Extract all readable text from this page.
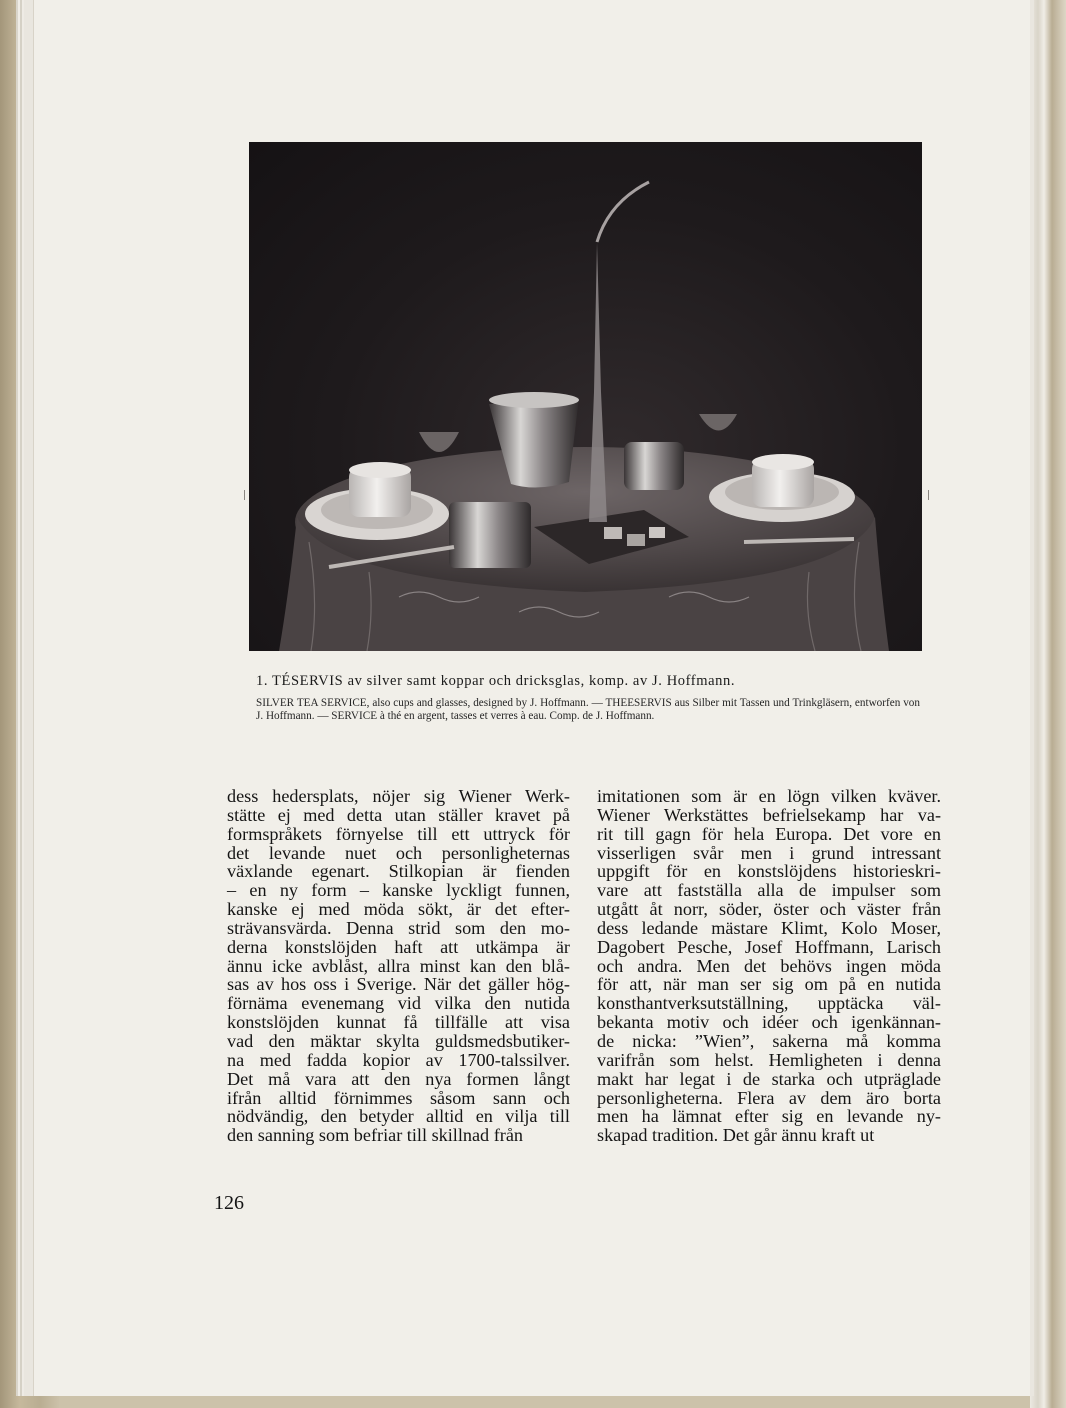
1. TÉSERVIS av silver samt koppar och dricksglas, komp. av J. Hoffmann.

SILVER TEA SERVICE, also cups and glasses, designed by J. Hoffmann. — THEESERVIS aus Silber mit Tassen und Trinkgläsern, entworfen von J. Hoffmann. — SERVICE à thé en argent, tasses et verres à eau. Comp. de J. Hoffmann.

dess hedersplats, nöjer sig Wiener Werk-
stätte ej med detta utan ställer kravet på
formspråkets förnyelse till ett uttryck för
det levande nuet och personligheternas
växlande egenart. Stilkopian är fienden
– en ny form – kanske lyckligt funnen,
kanske ej med möda sökt, är det efter-
strävansvärda. Denna strid som den mo-
derna konstslöjden haft att utkämpa är
ännu icke avblåst, allra minst kan den blå-
sas av hos oss i Sverige. När det gäller hög-
förnäma evenemang vid vilka den nutida
konstslöjden kunnat få tillfälle att visa
vad den mäktar skylta guldsmedsbutiker-
na med fadda kopior av 1700-talssilver.
Det må vara att den nya formen långt
ifrån alltid förnimmes såsom sann och
nödvändig, den betyder alltid en vilja till
den sanning som befriar till skillnad från
imitationen som är en lögn vilken kväver.
Wiener Werkstättes befrielsekamp har va-
rit till gagn för hela Europa. Det vore en
visserligen svår men i grund intressant
uppgift för en konstslöjdens historieskri-
vare att fastställa alla de impulser som
utgått åt norr, söder, öster och väster från
dess ledande mästare Klimt, Kolo Moser,
Dagobert Pesche, Josef Hoffmann, Larisch
och andra. Men det behövs ingen möda
för att, när man ser sig om på en nutida
konsthantverksutställning, upptäcka väl-
bekanta motiv och idéer och igenkännan-
de nicka: ”Wien”, sakerna må komma
varifrån som helst. Hemligheten i denna
makt har legat i de starka och utpräglade
personligheterna. Flera av dem äro borta
men ha lämnat efter sig en levande ny-
skapad tradition. Det går ännu kraft ut

126
